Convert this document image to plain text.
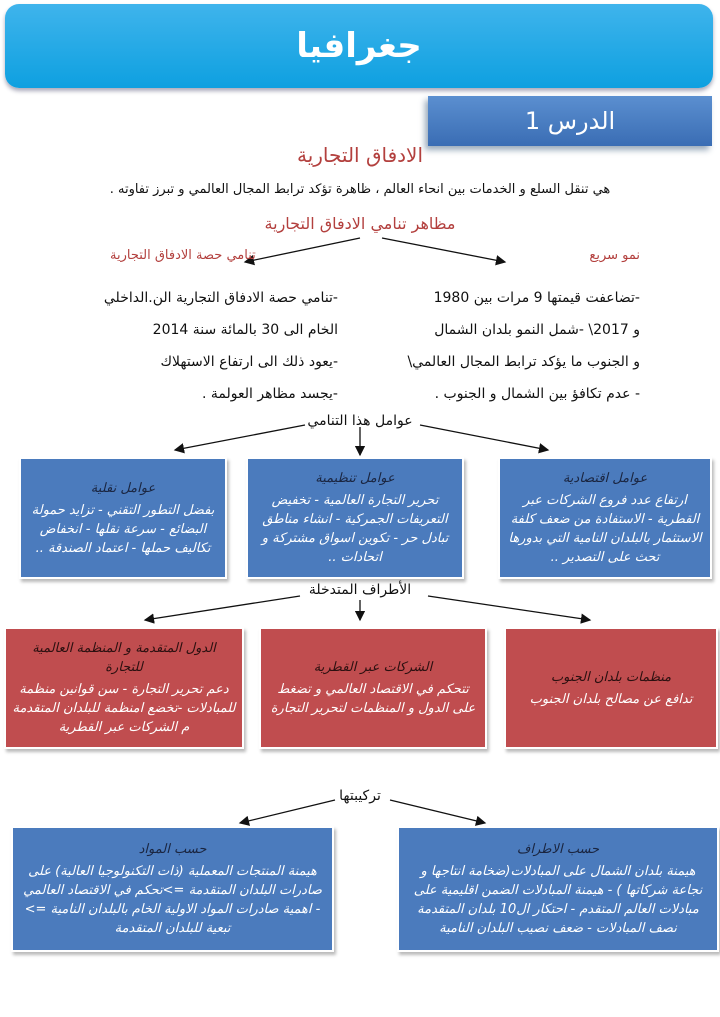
جغرافيا
الدرس 1
الادفاق التجارية
هي تنقل السلع و الخدمات بين انحاء العالم ، ظاهرة تؤكد ترابط المجال العالمي و تبرز تفاوته .
مظاهر تنامي الادفاق التجارية
تنامي حصة الادفاق التجارية	نمو سريع
-تنامي حصة الادفاق التجارية الن.الداخلي
الخام الى 30 بالمائة سنة 2014
-يعود ذلك الى ارتفاع الاستهلاك
-يجسد مظاهر العولمة .
-تضاعفت قيمتها 9 مرات بين 1980
و 2017\ -شمل النمو بلدان الشمال
و الجنوب ما يؤكد ترابط المجال العالمي\
- عدم تكافؤ بين الشمال و الجنوب .
عوامل هذا التنامي
عوامل اقتصادية
ارتفاع عدد فروع الشركات عبر القطرية - الاستفادة من ضعف كلفة الاستثمار بالبلدان النامية التي بدورها تحث على التصدير ..
عوامل تنظيمية
تحرير التجارة العالمية - تخفيض التعريفات الجمركية - انشاء مناطق تبادل حر - تكوين اسواق مشتركة و اتحادات ..
عوامل نقلية
بفضل التطور التقني - تزايد حمولة البضائع - سرعة نقلها - انخفاض تكاليف حملها - اعتماد الصندقة ..
الأطراف المتدخلة
منظمات بلدان الجنوب
تدافع عن مصالح بلدان الجنوب
الشركات عبر القطرية
تتحكم في الاقتصاد العالمي و تضغط على الدول و المنظمات لتحرير التجارة
الدول المتقدمة و المنظمة العالمية للتجارة
دعم تحرير التجارة - سن قوانين منظمة للمبادلات -تخضع امنظمة للبلدان المتقدمة م الشركات عبر القطرية
تركيبتها
حسب الاطراف
هيمنة بلدان الشمال على المبادلات(ضخامة انتاجها و نجاعة شركاتها ) - هيمنة المبادلات الضمن اقليمية على مبادلات العالم المتقدم - احتكار ال10 بلدان المتقدمة نصف المبادلات - ضعف نصيب البلدان النامية
حسب المواد
هيمنة المنتجات المعملية (ذات التكنولوجيا العالية) على صادرات البلدان المتقدمة =>تحكم في الاقتصاد العالمي - اهمية صادرات المواد الاولية الخام بالبلدان النامية => تبعية للبلدان المتقدمة
